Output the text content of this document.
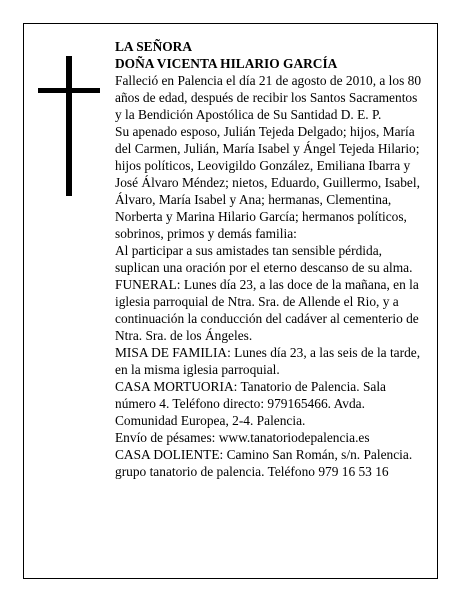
LA SEÑORA

DOÑA VICENTA HILARIO GARCÍA

Falleció en Palencia el día 21 de agosto de 2010, a los 80 años de edad, después de recibir los Santos Sacramentos y la Bendición Apostólica de Su Santidad D. E. P.

Su apenado esposo, Julián Tejeda Delgado; hijos, María del Carmen, Julián, María Isabel y Ángel Tejeda Hilario; hijos políticos, Leovigildo González, Emiliana Ibarra y José Álvaro Méndez; nietos, Eduardo, Guillermo, Isabel, Álvaro, María Isabel y Ana; hermanas, Clementina, Norberta y Marina Hilario García; hermanos políticos, sobrinos, primos y demás familia:

Al participar a sus amistades tan sensible pérdida, suplican una oración por el eterno descanso de su alma.

FUNERAL: Lunes día 23, a las doce de la mañana, en la iglesia parroquial de Ntra. Sra. de Allende el Rio, y a continuación la conducción del cadáver al cementerio de Ntra. Sra. de los Ángeles.

MISA DE FAMILIA: Lunes día 23, a las seis de la tarde, en la misma iglesia parroquial.

CASA MORTUORIA: Tanatorio de Palencia. Sala número 4. Teléfono directo: 979165466. Avda. Comunidad Europea, 2-4. Palencia.

Envío de pésames: www.tanatoriodepalencia.es

CASA DOLIENTE: Camino San Román, s/n. Palencia. grupo tanatorio de palencia. Teléfono 979 16 53 16
